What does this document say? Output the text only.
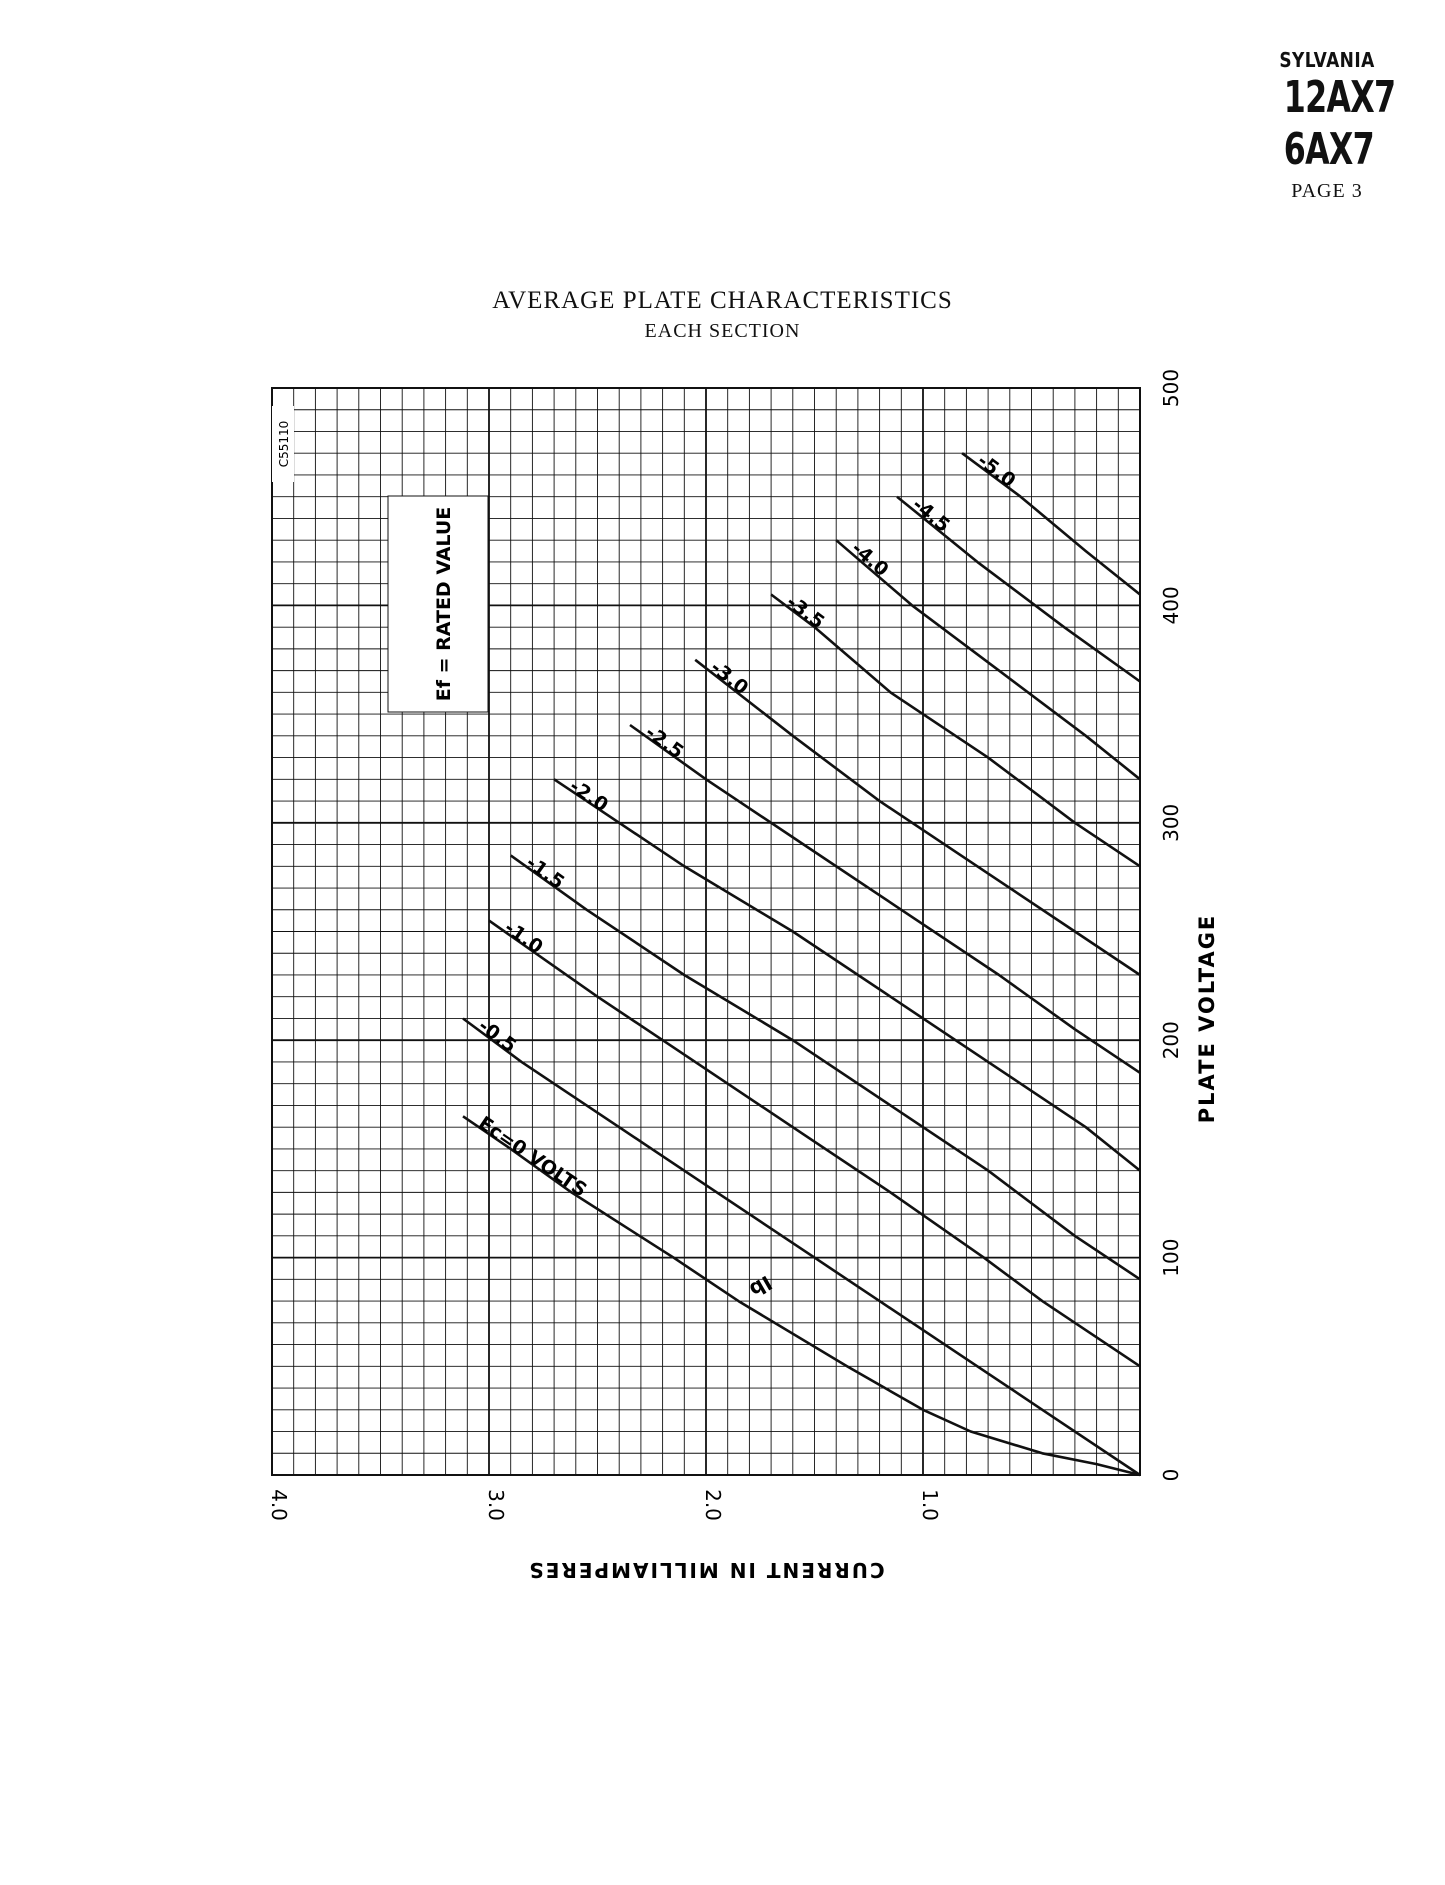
SYLVANIA
12AX7
6AX7
PAGE 3
AVERAGE PLATE CHARACTERISTICS
EACH SECTION
Ec=0 VOLTS
-0.5
-1.0
-1.5
-2.0
-2.5
-3.0
-3.5
-4.0
-4.5
-5.0
0
100
200
300
400
500
1.0
2.0
3.0
4.0
Ef = RATED VALUE
C55110
Ib
PLATE VOLTAGE
CURRENT IN MILLIAMPERES
